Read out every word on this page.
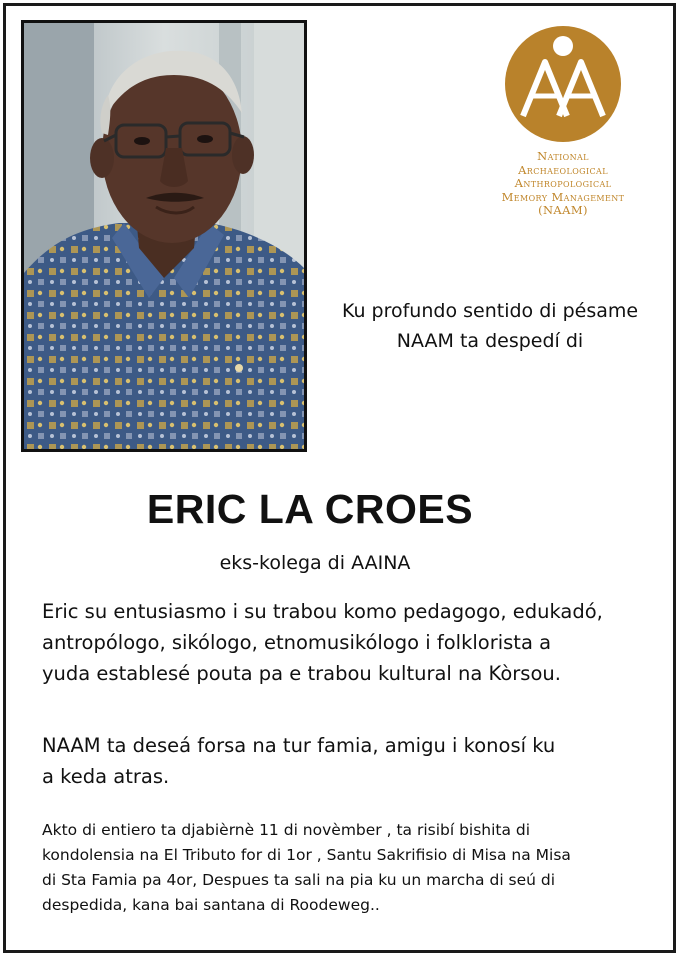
National
Archaeological
Anthropological
Memory Management
(NAAM)
Ku profundo sentido di pésame
NAAM ta despedí di
ERIC LA CROES
eks-kolega di AAINA
Eric su entusiasmo i su trabou komo pedagogo, edukadó,
antropólogo, sikólogo, etnomusikólogo i folklorista a
yuda establesé pouta pa e trabou kultural na Kòrsou.
NAAM ta deseá forsa na tur famia, amigu i konosí ku
a keda atras.
Akto di entiero ta djabièrnè 11 di novèmber , ta risibí bishita di
kondolensia na El Tributo for di 1or , Santu Sakrifisio di Misa na Misa
di Sta Famia pa 4or, Despues ta sali na pia ku un marcha di seú di
despedida, kana bai santana di Roodeweg..
